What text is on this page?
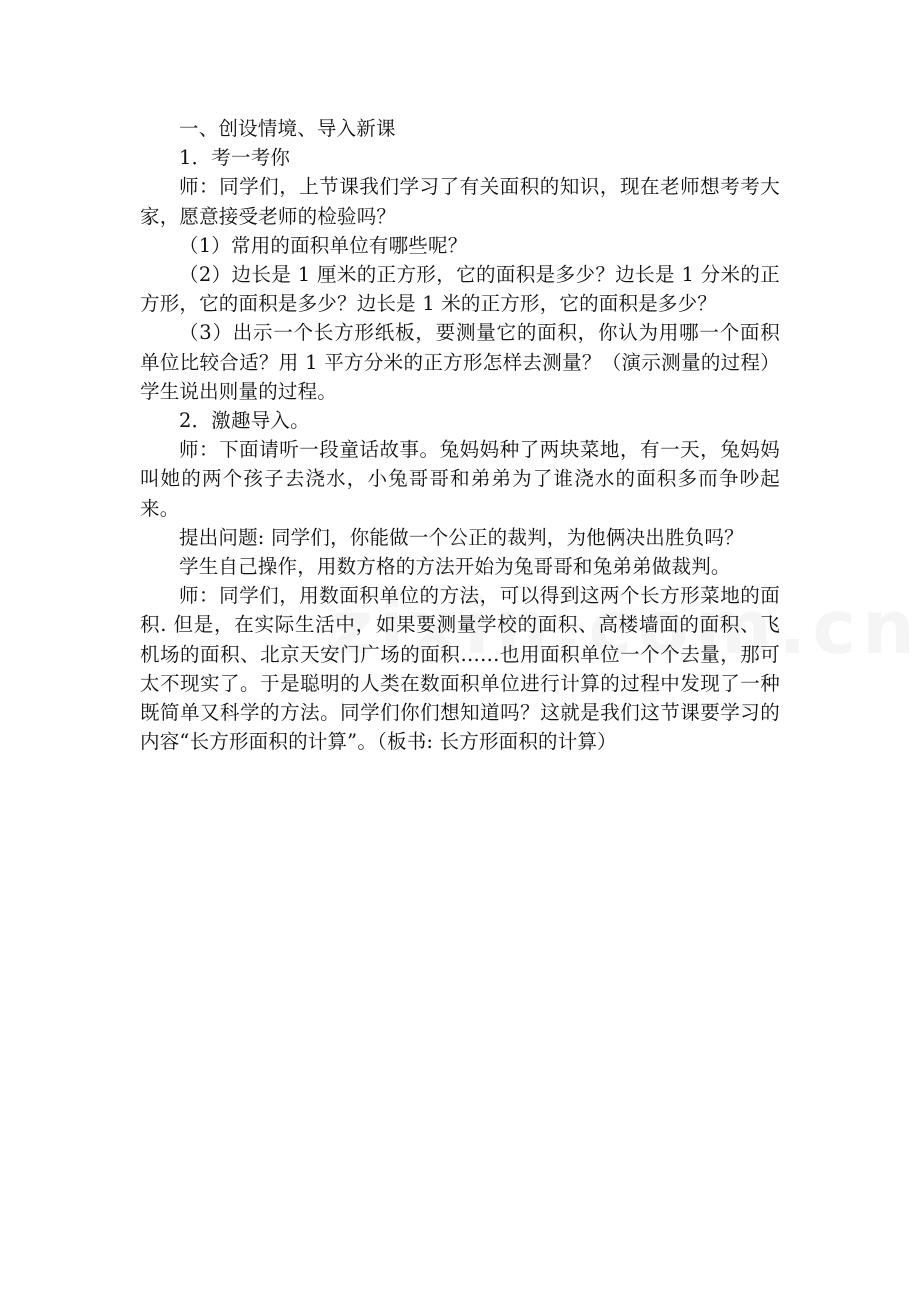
一、创设情境、导入新课

1．考一考你

师：同学们，上节课我们学习了有关面积的知识，现在老师想考考大家，愿意接受老师的检验吗？

（1）常用的面积单位有哪些呢？

（2）边长是 1 厘米的正方形，它的面积是多少？边长是 1 分米的正方形，它的面积是多少？边长是 1 米的正方形，它的面积是多少？

（3）出示一个长方形纸板，要测量它的面积，你认为用哪一个面积单位比较合适？用 1 平方分米的正方形怎样去测量？（演示测量的过程）学生说出则量的过程。

2．激趣导入。

师：下面请听一段童话故事。兔妈妈种了两块菜地，有一天，兔妈妈叫她的两个孩子去浇水，小兔哥哥和弟弟为了谁浇水的面积多而争吵起来。

提出问题: 同学们，你能做一个公正的裁判，为他俩决出胜负吗？

学生自己操作，用数方格的方法开始为兔哥哥和兔弟弟做裁判。

师：同学们，用数面积单位的方法，可以得到这两个长方形菜地的面积. 但是，在实际生活中，如果要测量学校的面积、高楼墙面的面积、飞机场的面积、北京天安门广场的面积……也用面积单位一个个去量，那可太不现实了。于是聪明的人类在数面积单位进行计算的过程中发现了一种既简单又科学的方法。同学们你们想知道吗？这就是我们这节课要学习的内容“长方形面积的计算”。（板书: 长方形面积的计算）
